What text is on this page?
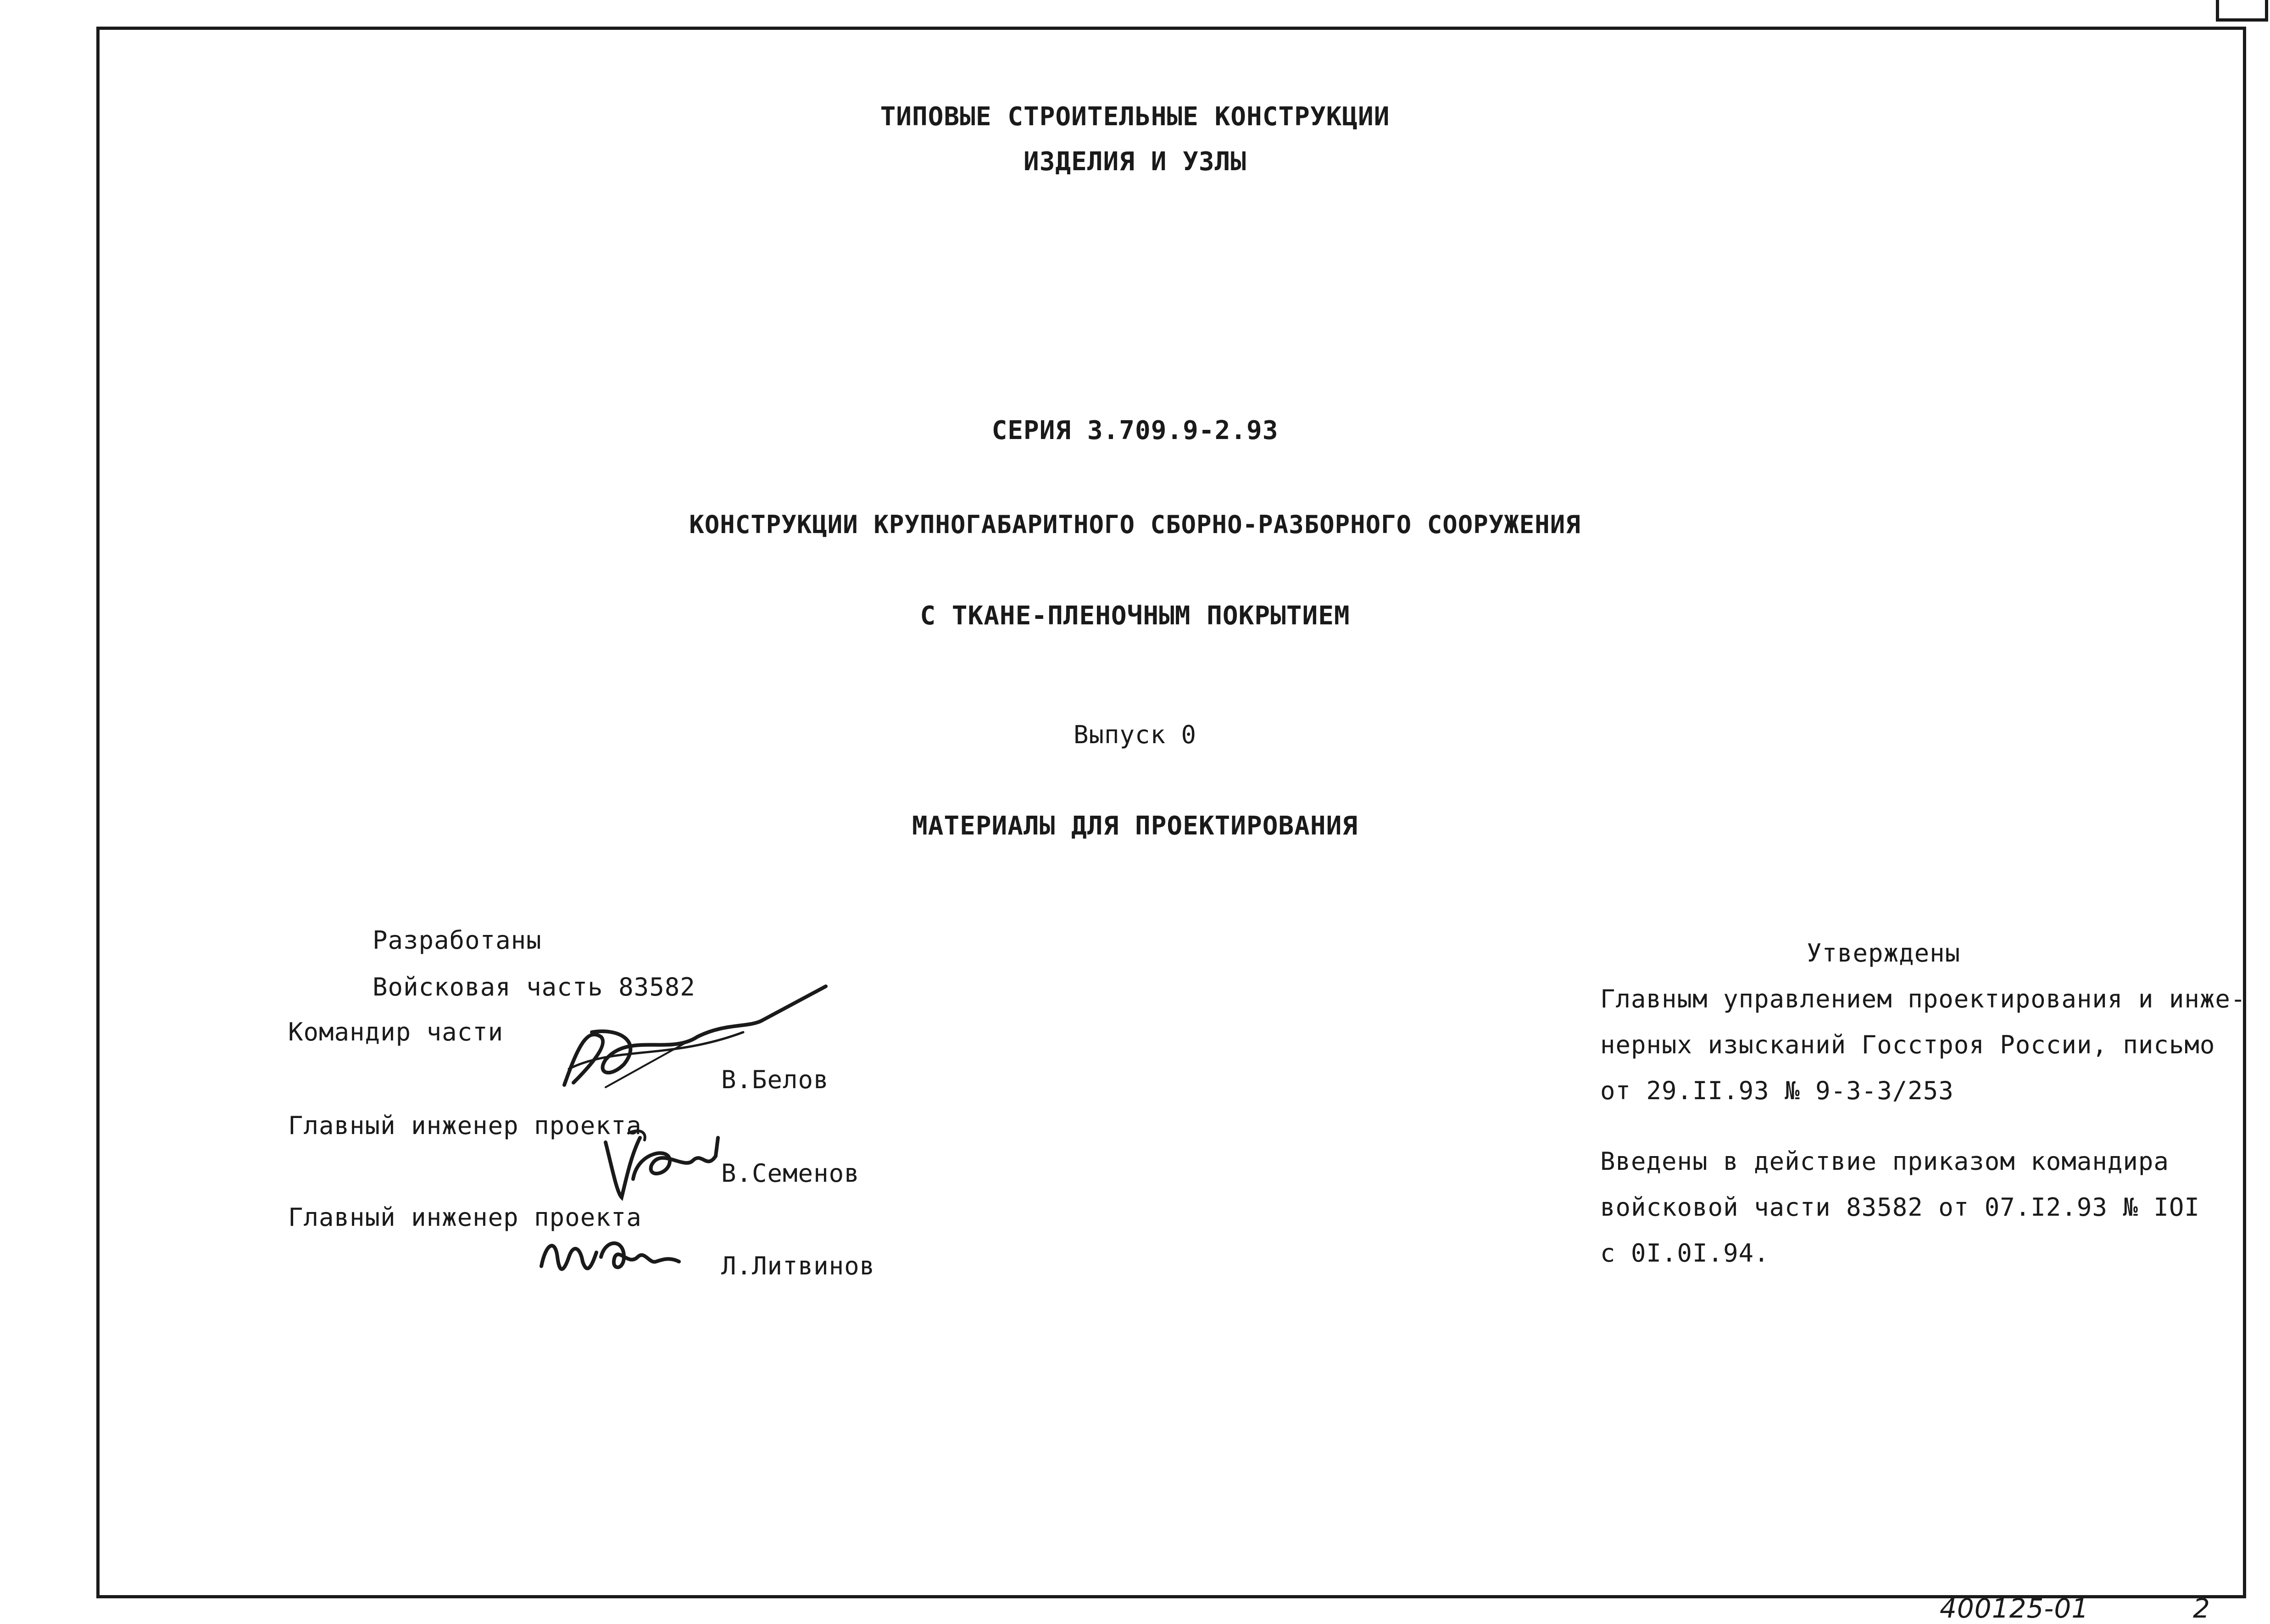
ТИПОВЫЕ СТРОИТЕЛЬНЫЕ КОНСТРУКЦИИ
ИЗДЕЛИЯ И УЗЛЫ
СЕРИЯ 3.709.9-2.93
КОНСТРУКЦИИ КРУПНОГАБАРИТНОГО СБОРНО-РАЗБОРНОГО СООРУЖЕНИЯ
С ТКАНЕ-ПЛЕНОЧНЫМ ПОКРЫТИЕМ
Выпуск 0
МАТЕРИАЛЫ ДЛЯ ПРОЕКТИРОВАНИЯ
Разработаны
Войсковая часть 83582
Командир части
В.Белов
Главный инженер проекта
В.Семенов
Главный инженер проекта
Л.Литвинов
Утверждены
Главным управлением проектирования и инже-
нерных изысканий Госстроя России, письмо
от 29.II.93 № 9-3-3/253
Введены в действие приказом командира
войсковой части 83582 от 07.I2.93 № IOI
с 0I.0I.94.
400125-01	2
